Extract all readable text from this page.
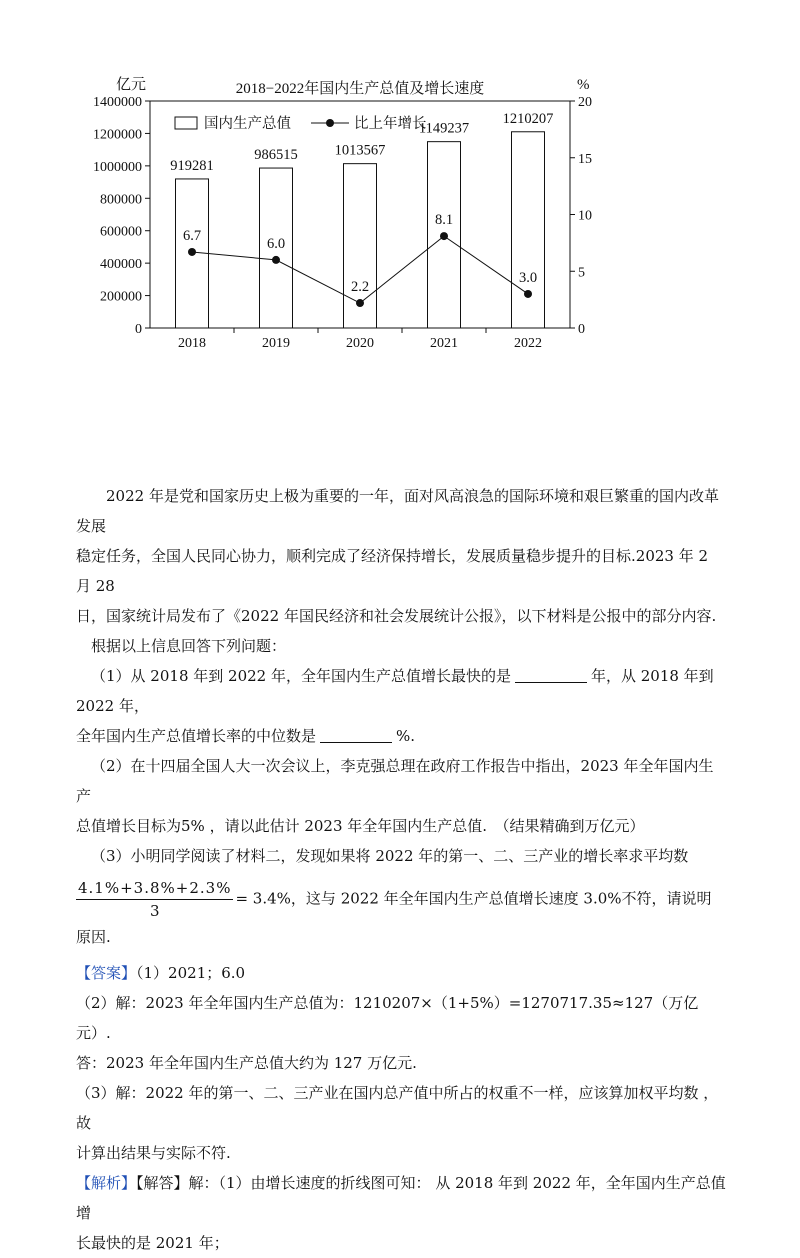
2018−2022年国内生产总值及增长速度
亿元	%
0
200000
400000
600000
800000
1000000
1200000
1400000
0
5
10
15
20
2018	2019	2020	2021	2022
919281
986515	1013567
1149237
1210207
6.7	6.0
2.2
8.1
3.0
国内生产总值	比上年增长

2022 年是党和国家历史上极为重要的一年，面对风高浪急的国际环境和艰巨繁重的国内改革发展

稳定任务，全国人民同心协力，顺利完成了经济保持增长，发展质量稳步提升的目标.2023 年 2 月 28

日，国家统计局发布了《2022 年国民经济和社会发展统计公报》，以下材料是公报中的部分内容.

根据以上信息回答下列问题：

（1）从 2018 年到 2022 年，全年国内生产总值增长最快的是	年，从 2018 年到 2022 年，

全年国内生产总值增长率的中位数是	%.

（2）在十四届全国人大一次会议上，李克强总理在政府工作报告中指出，2023 年全年国内生产

总值增长目标为5% ，请以此估计 2023 年全年国内生产总值.　（结果精确到万亿元）

（3）小明同学阅读了材料二，发现如果将 2022 年的第一、二、三产业的增长率求平均数

$\frac{4.1\%+3.8\%+2.3\%}{3} = 3.4\%$，这与 2022 年全年国内生产总值增长速度 3.0%不符，请说明原因.

【答案】（1）2021；6.0

（2）解：2023 年全年国内生产总值为：1210207×（1+5%）=1270717.35≈127（万亿元）.

答：2023 年全年国内生产总值大约为 127 万亿元.

（3）解：2022 年的第一、二、三产业在国内总产值中所占的权重不一样，应该算加权平均数 ，故

计算出结果与实际不符.

【解析】【解答】解：（1）由增长速度的折线图可知： 从 2018 年到 2022 年，全年国内生产总值增

长最快的是 2021 年；
